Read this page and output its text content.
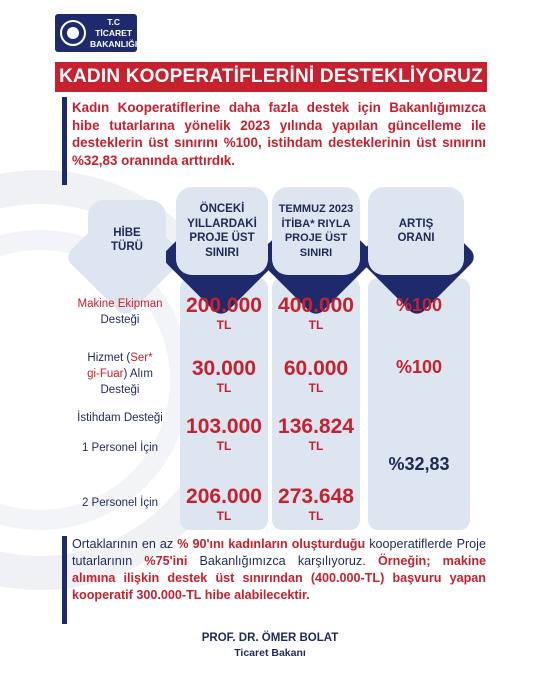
T.C TİCARET
BAKANLIĞI
KADIN KOOPERATİFLERİNİ DESTEKLİYORUZ

Kadın Kooperatiflerine daha fazla destek için Bakanlığımızca hibe tutarlarına yönelik 2023 yılında yapılan güncelleme ile desteklerin üst sınırını %100, istihdam desteklerinin üst sınırını %32,83 oranında arttırdık.

HİBE TÜRÜ
ÖNCEKİ YILLARDAKİ PROJE ÜST SINIRI
TEMMUZ 2023 İTİBA* RIYLA PROJE ÜST SINIRI
ARTIŞ ORANI
Makine Ekipman
Desteği
200.000
TL
400.000
TL
%100
Hizmet (Ser*
gi-Fuar) Alım
Desteği
30.000
TL
60.000
TL
%100
İstihdam Desteği
1 Personel İçin
103.000
TL
136.824
TL
2 Personel İçin	206.000
TL
273.648
TL
%32,83

Ortaklarının en az % 90'ını kadınların oluşturduğu kooperatiflerde Proje tutarlarının %75'ini Bakanlığımızca karşılıyoruz. Örneğin; makine alımına ilişkin destek üst sınırından (400.000-TL) başvuru yapan kooperatif 300.000-TL hibe alabilecektir.

PROF. DR. ÖMER BOLAT
Ticaret Bakanı
